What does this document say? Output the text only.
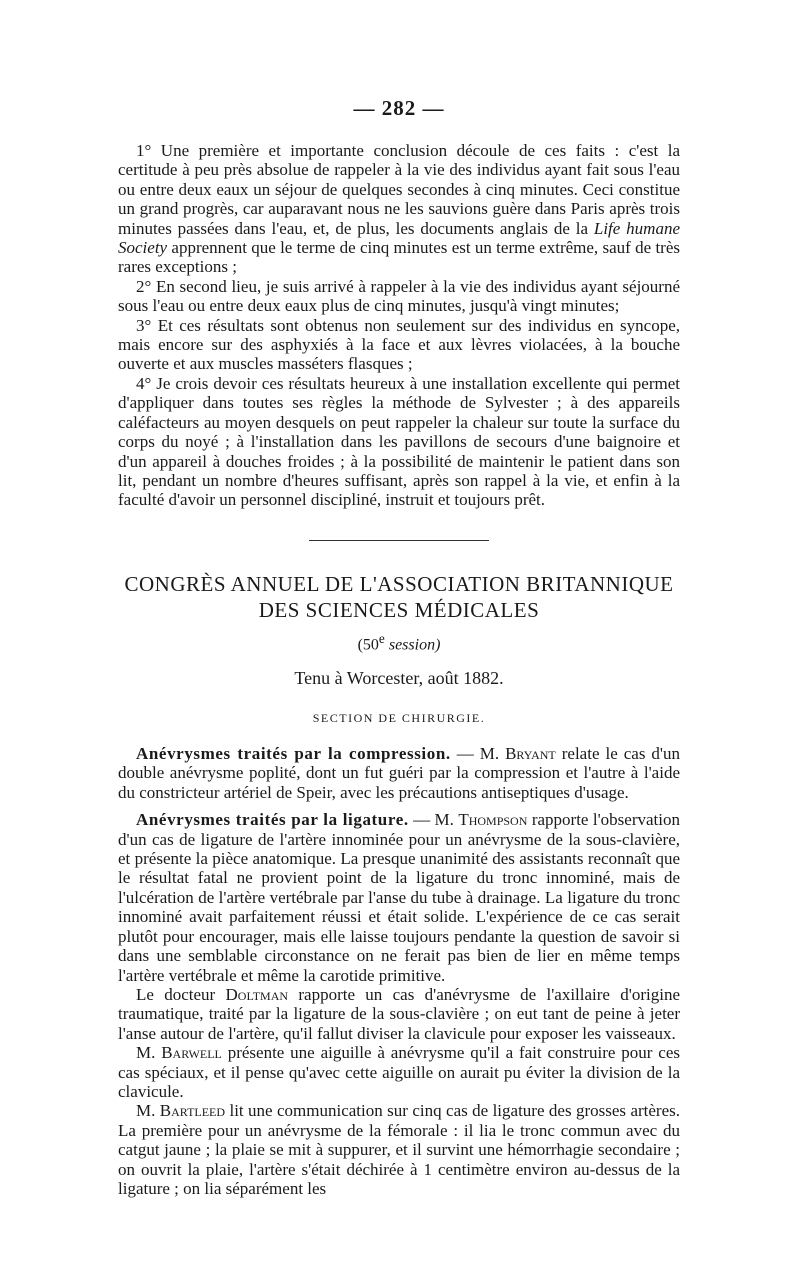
— 282 —

1° Une première et importante conclusion découle de ces faits : c'est la certitude à peu près absolue de rappeler à la vie des individus ayant fait sous l'eau ou entre deux eaux un séjour de quelques secondes à cinq minutes. Ceci constitue un grand progrès, car auparavant nous ne les sauvions guère dans Paris après trois minutes passées dans l'eau, et, de plus, les documents anglais de la Life humane Society apprennent que le terme de cinq minutes est un terme extrême, sauf de très rares exceptions ;

2° En second lieu, je suis arrivé à rappeler à la vie des individus ayant séjourné sous l'eau ou entre deux eaux plus de cinq minutes, jusqu'à vingt minutes;

3° Et ces résultats sont obtenus non seulement sur des individus en syncope, mais encore sur des asphyxiés à la face et aux lèvres violacées, à la bouche ouverte et aux muscles masséters flasques ;

4° Je crois devoir ces résultats heureux à une installation excellente qui permet d'appliquer dans toutes ses règles la méthode de Sylvester ; à des appareils caléfacteurs au moyen desquels on peut rappeler la chaleur sur toute la surface du corps du noyé ; à l'installation dans les pavillons de secours d'une baignoire et d'un appareil à douches froides ; à la possibilité de maintenir le patient dans son lit, pendant un nombre d'heures suffisant, après son rappel à la vie, et enfin à la faculté d'avoir un personnel discipliné, instruit et toujours prêt.

CONGRÈS ANNUEL DE L'ASSOCIATION BRITANNIQUE
DES SCIENCES MÉDICALES
(50e session)
Tenu à Worcester, août 1882.
SECTION DE CHIRURGIE.

Anévrysmes traités par la compression. — M. Bryant relate le cas d'un double anévrysme poplité, dont un fut guéri par la compression et l'autre à l'aide du constricteur artériel de Speir, avec les précautions antiseptiques d'usage.

Anévrysmes traités par la ligature. — M. Thompson rapporte l'observation d'un cas de ligature de l'artère innominée pour un anévrysme de la sous-clavière, et présente la pièce anatomique. La presque unanimité des assistants reconnaît que le résultat fatal ne provient point de la ligature du tronc innominé, mais de l'ulcération de l'artère vertébrale par l'anse du tube à drainage. La ligature du tronc innominé avait parfaitement réussi et était solide. L'expérience de ce cas serait plutôt pour encourager, mais elle laisse toujours pendante la question de savoir si dans une semblable circonstance on ne ferait pas bien de lier en même temps l'artère vertébrale et même la carotide primitive.

Le docteur Doltman rapporte un cas d'anévrysme de l'axillaire d'origine traumatique, traité par la ligature de la sous-clavière ; on eut tant de peine à jeter l'anse autour de l'artère, qu'il fallut diviser la clavicule pour exposer les vaisseaux.

M. Barwell présente une aiguille à anévrysme qu'il a fait construire pour ces cas spéciaux, et il pense qu'avec cette aiguille on aurait pu éviter la division de la clavicule.

M. Bartleed lit une communication sur cinq cas de ligature des grosses artères. La première pour un anévrysme de la fémorale : il lia le tronc commun avec du catgut jaune ; la plaie se mit à suppurer, et il survint une hémorrhagie secondaire ; on ouvrit la plaie, l'artère s'était déchirée à 1 centimètre environ au-dessus de la ligature ; on lia séparément les
